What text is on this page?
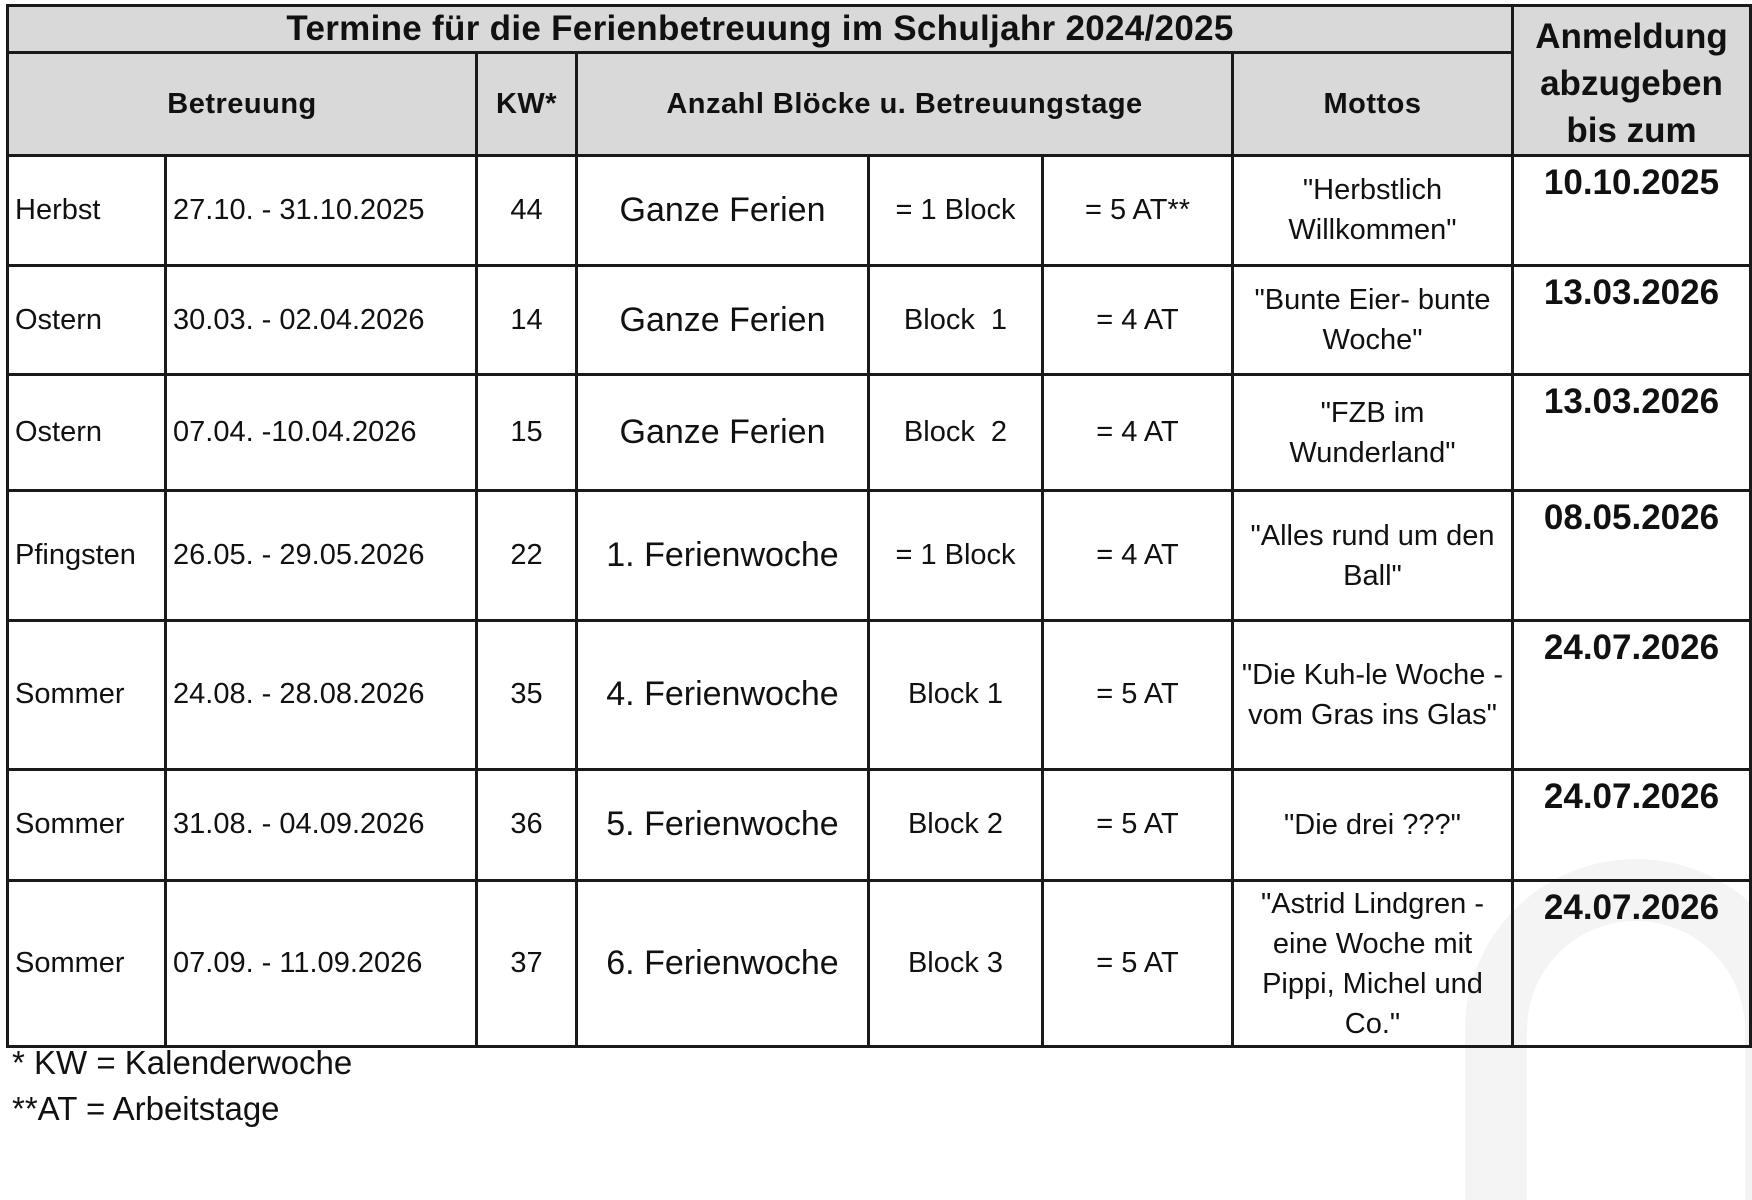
Termine für die Ferienbetreuung im Schuljahr 2024/2025							Anmeldung
abzugeben
bis zum

Betreuung		KW*	Anzahl Blöcke u. Betreuungstage			Mottos	
Herbst	27.10. - 31.10.2025	44	Ganze Ferien	= 1 Block	= 5 AT**	"Herbstlich
Willkommen"	10.10.2025
Ostern	30.03. - 02.04.2026	14	Ganze Ferien	Block  1	= 4 AT	"Bunte Eier- bunte
Woche"	13.03.2026
Ostern	07.04. -10.04.2026	15	Ganze Ferien	Block  2	= 4 AT	"FZB im
Wunderland"	13.03.2026
Pfingsten	26.05. - 29.05.2026	22	1. Ferienwoche	= 1 Block	= 4 AT	"Alles rund um den
Ball"	08.05.2026
Sommer	24.08. - 28.08.2026	35	4. Ferienwoche	Block 1	= 5 AT	"Die Kuh-le Woche -
vom Gras ins Glas"	24.07.2026
Sommer	31.08. - 04.09.2026	36	5. Ferienwoche	Block 2	= 5 AT	"Die drei ???"	24.07.2026
Sommer	07.09. - 11.09.2026	37	6. Ferienwoche	Block 3	= 5 AT	"Astrid Lindgren -
eine Woche mit
Pippi, Michel und
Co."	24.07.2026
* KW = Kalenderwoche
**AT = Arbeitstage
